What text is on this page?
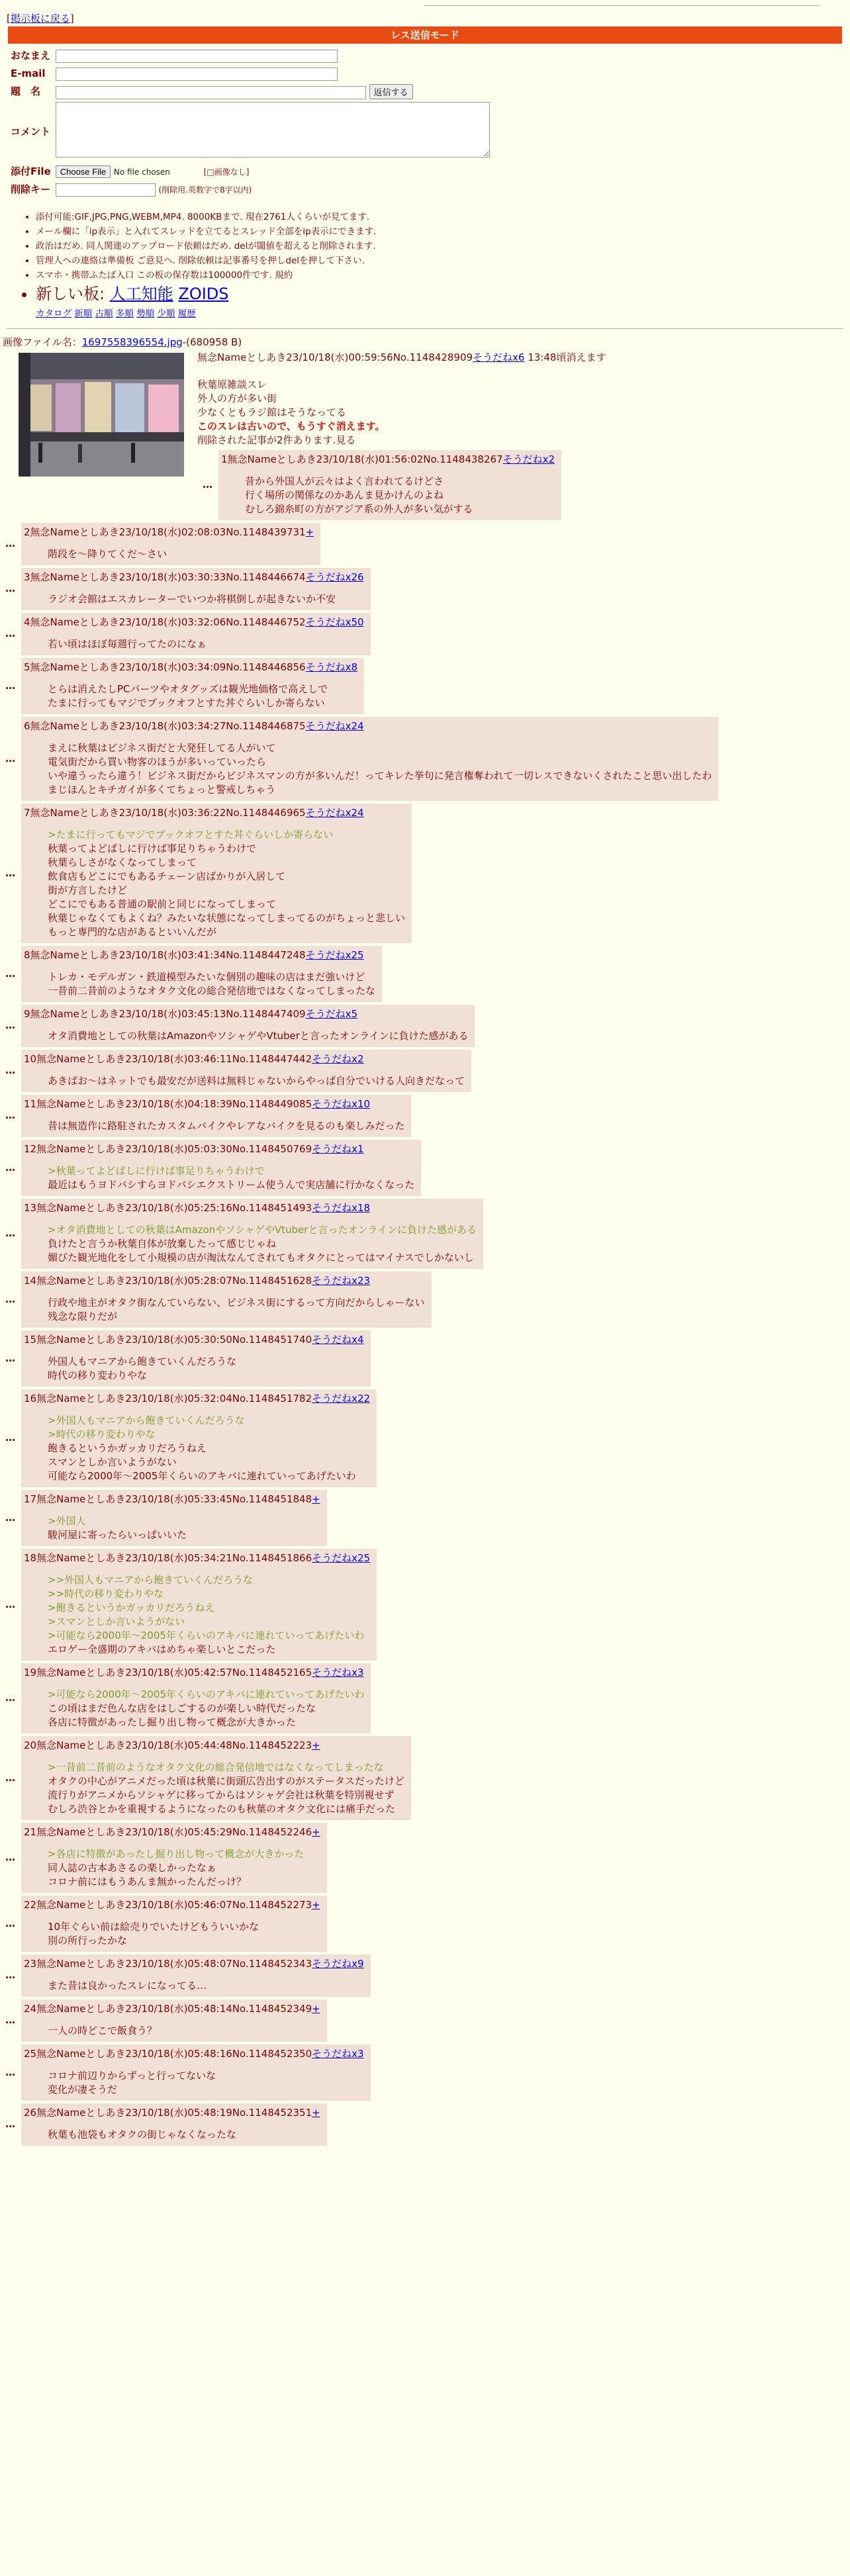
[掲示板に戻る]
レス送信モード
おなまえ	
E-mail	
題　名	返信する
コメント	
添付File	Choose File No file chosen [□画像なし]
削除キー	(削除用.英数字で8字以内)
• 添付可能:GIF,JPG,PNG,WEBM,MP4. 8000KBまで. 現在2761人くらいが見てます.
• メール欄に「ip表示」と入れてスレッドを立てるとスレッド全部をip表示にできます.
• 政治はだめ. 同人関連のアップロード依頼はだめ. delが閾値を超えると削除されます.
• 管理人への連絡は準備板 ご意見へ. 削除依頼は記事番号を押しdelを押して下さい.
• スマホ・携帯ふたば入口 この板の保存数は100000件です. 規約
• 新しい板: 人工知能 ZOIDS
カタログ 新順 古順 多順 勢順 少順 履歴
画像ファイル名：1697558396554.jpg-(680958 B)
無念Nameとしあき23/10/18(水)00:59:56No.1148428909そうだねx6 13:48頃消えます

秋葉原雑談スレ

外人の方が多い街

少なくともラジ館はそうなってる

このスレは古いので、もうすぐ消えます。

削除された記事が2件あります.見る

…
1無念Nameとしあき23/10/18(水)01:56:02No.1148438267そうだねx2
昔から外国人が云々はよく言われてるけどさ
行く場所の関係なのかあんま見かけんのよね
むしろ錦糸町の方がアジア系の外人が多い気がする
…
2無念Nameとしあき23/10/18(水)02:08:03No.1148439731+
階段を〜降りてくだ〜さい
…
3無念Nameとしあき23/10/18(水)03:30:33No.1148446674そうだねx26
ラジオ会館はエスカレーターでいつか将棋倒しが起きないか不安
…
4無念Nameとしあき23/10/18(水)03:32:06No.1148446752そうだねx50
若い頃はほぼ毎週行ってたのになぁ
…
5無念Nameとしあき23/10/18(水)03:34:09No.1148446856そうだねx8
とらは消えたしPCパーツやオタグッズは観光地価格で高えしで
たまに行ってもマジでブックオフとすた丼ぐらいしか寄らない
…
6無念Nameとしあき23/10/18(水)03:34:27No.1148446875そうだねx24
まえに秋葉はビジネス街だと大発狂してる人がいて
電気街だから買い物客のほうが多いっていったら
いや違うったら違う！ビジネス街だからビジネスマンの方が多いんだ！ってキレた挙句に発言権奪われて一切レスできないくされたこと思い出したわ
まじほんとキチガイが多くてちょっと警戒しちゃう
…
7無念Nameとしあき23/10/18(水)03:36:22No.1148446965そうだねx24
>たまに行ってもマジでブックオフとすた丼ぐらいしか寄らない
秋葉ってよどばしに行けば事足りちゃうわけで
秋葉らしさがなくなってしまって
飲食店もどこにでもあるチェーン店ばかりが入居して
街が方言したけど
どこにでもある普通の駅前と同じになってしまって
秋葉じゃなくてもよくね？みたいな状態になってしまってるのがちょっと悲しい
もっと専門的な店があるといいんだが
…
8無念Nameとしあき23/10/18(水)03:41:34No.1148447248そうだねx25
トレカ・モデルガン・鉄道模型みたいな個別の趣味の店はまだ強いけど
一昔前二昔前のようなオタク文化の総合発信地ではなくなってしまったな
…
9無念Nameとしあき23/10/18(水)03:45:13No.1148447409そうだねx5
オタ消費地としての秋葉はAmazonやソシャゲやVtuberと言ったオンラインに負けた感がある
…
10無念Nameとしあき23/10/18(水)03:46:11No.1148447442そうだねx2
あきばお〜はネットでも最安だが送料は無料じゃないからやっぱ自分でいける人向きだなって
…
11無念Nameとしあき23/10/18(水)04:18:39No.1148449085そうだねx10
昔は無造作に路駐されたカスタムバイクやレアなバイクを見るのも楽しみだった
…
12無念Nameとしあき23/10/18(水)05:03:30No.1148450769そうだねx1
>秋葉ってよどばしに行けば事足りちゃうわけで
最近はもうヨドバシすらヨドバシエクストリーム使うんで実店舗に行かなくなった
…
13無念Nameとしあき23/10/18(水)05:25:16No.1148451493そうだねx18
>オタ消費地としての秋葉はAmazonやソシャゲやVtuberと言ったオンラインに負けた感がある
負けたと言うか秋葉自体が放棄したって感じじゃね
媚びた観光地化をして小規模の店が淘汰なんてされてもオタクにとってはマイナスでしかないし
…
14無念Nameとしあき23/10/18(水)05:28:07No.1148451628そうだねx23
行政や地主がオタク街なんていらない、ビジネス街にするって方向だからしゃーない
残念な限りだが
…
15無念Nameとしあき23/10/18(水)05:30:50No.1148451740そうだねx4
外国人もマニアから飽きていくんだろうな
時代の移り変わりやな
…
16無念Nameとしあき23/10/18(水)05:32:04No.1148451782そうだねx22
>外国人もマニアから飽きていくんだろうな
>時代の移り変わりやな
飽きるというかガッカリだろうねえ
スマンとしか言いようがない
可能なら2000年〜2005年くらいのアキバに連れていってあげたいわ
…
17無念Nameとしあき23/10/18(水)05:33:45No.1148451848+
>外国人
駿河屋に寄ったらいっぱいいた
…
18無念Nameとしあき23/10/18(水)05:34:21No.1148451866そうだねx25
>>外国人もマニアから飽きていくんだろうな
>>時代の移り変わりやな
>飽きるというかガッカリだろうねえ
>スマンとしか言いようがない
>可能なら2000年〜2005年くらいのアキバに連れていってあげたいわ
エロゲー全盛期のアキバはめちゃ楽しいとこだった
…
19無念Nameとしあき23/10/18(水)05:42:57No.1148452165そうだねx3
>可能なら2000年〜2005年くらいのアキバに連れていってあげたいわ
この頃はまだ色んな店をはしごするのが楽しい時代だったな
各店に特徴があったし掘り出し物って概念が大きかった
…
20無念Nameとしあき23/10/18(水)05:44:48No.1148452223+
>一昔前二昔前のようなオタク文化の総合発信地ではなくなってしまったな
オタクの中心がアニメだった頃は秋葉に街頭広告出すのがステータスだったけど
流行りがアニメからソシャゲに移ってからはソシャゲ会社は秋葉を特別視せず
むしろ渋谷とかを重視するようになったのも秋葉のオタク文化には痛手だった
…
21無念Nameとしあき23/10/18(水)05:45:29No.1148452246+
>各店に特徴があったし掘り出し物って概念が大きかった
同人誌の古本あさるの楽しかったなぁ
コロナ前にはもうあんま無かったんだっけ？
…
22無念Nameとしあき23/10/18(水)05:46:07No.1148452273+
10年ぐらい前は絵売りでいたけどもういいかな
別の所行ったかな
…
23無念Nameとしあき23/10/18(水)05:48:07No.1148452343そうだねx9
また昔は良かったスレになってる…
…
24無念Nameとしあき23/10/18(水)05:48:14No.1148452349+
一人の時どこで飯食う？
…
25無念Nameとしあき23/10/18(水)05:48:16No.1148452350そうだねx3
コロナ前辺りからずっと行ってないな
変化が凄そうだ
…
26無念Nameとしあき23/10/18(水)05:48:19No.1148452351+
秋葉も池袋もオタクの街じゃなくなったな
